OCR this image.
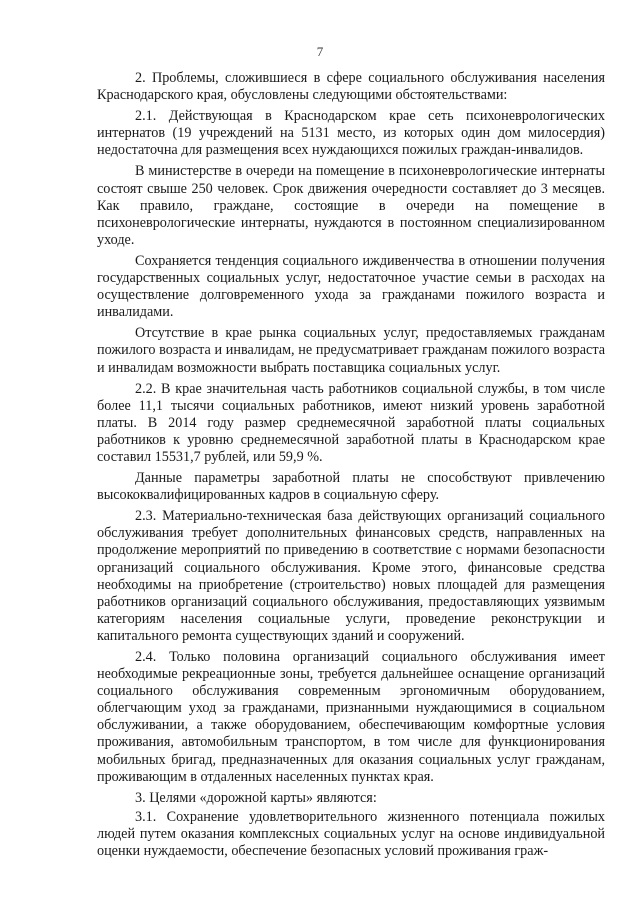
7

2. Проблемы, сложившиеся в сфере социального обслуживания населения Краснодарского края, обусловлены следующими обстоятельствами:

2.1. Действующая в Краснодарском крае сеть психоневрологических интернатов (19 учреждений на 5131 место, из которых один дом милосердия) недостаточна для размещения всех нуждающихся пожилых граждан-инвалидов.

В министерстве в очереди на помещение в психоневрологические интернаты состоят свыше 250 человек. Срок движения очередности составляет до 3 месяцев. Как правило, граждане, состоящие в очереди на помещение в психоневрологические интернаты, нуждаются в постоянном специализированном уходе.

Сохраняется тенденция социального иждивенчества в отношении получения государственных социальных услуг, недостаточное участие семьи в расходах на осуществление долговременного ухода за гражданами пожилого возраста и инвалидами.

Отсутствие в крае рынка социальных услуг, предоставляемых гражданам пожилого возраста и инвалидам, не предусматривает гражданам пожилого возраста и инвалидам возможности выбрать поставщика социальных услуг.

2.2. В крае значительная часть работников социальной службы, в том числе более 11,1 тысячи социальных работников, имеют низкий уровень заработной платы. В 2014 году размер среднемесячной заработной платы социальных работников к уровню среднемесячной заработной платы в Краснодарском крае составил 15531,7 рублей, или 59,9 %.

Данные параметры заработной платы не способствуют привлечению высококвалифицированных кадров в социальную сферу.

2.3. Материально-техническая база действующих организаций социального обслуживания требует дополнительных финансовых средств, направленных на продолжение мероприятий по приведению в соответствие с нормами безопасности организаций социального обслуживания. Кроме этого, финансовые средства необходимы на приобретение (строительство) новых площадей для размещения работников организаций социального обслуживания, предоставляющих уязвимым категориям населения социальные услуги, проведение реконструкции и капитального ремонта существующих зданий и сооружений.

2.4. Только половина организаций социального обслуживания имеет необходимые рекреационные зоны, требуется дальнейшее оснащение организаций социального обслуживания современным эргономичным оборудованием, облегчающим уход за гражданами, признанными нуждающимися в социальном обслуживании, а также оборудованием, обеспечивающим комфортные условия проживания, автомобильным транспортом, в том числе для функционирования мобильных бригад, предназначенных для оказания социальных услуг гражданам, проживающим в отдаленных населенных пунктах края.

3. Целями «дорожной карты» являются:

3.1. Сохранение удовлетворительного жизненного потенциала пожилых людей путем оказания комплексных социальных услуг на основе индивидуальной оценки нуждаемости, обеспечение безопасных условий проживания граж-
